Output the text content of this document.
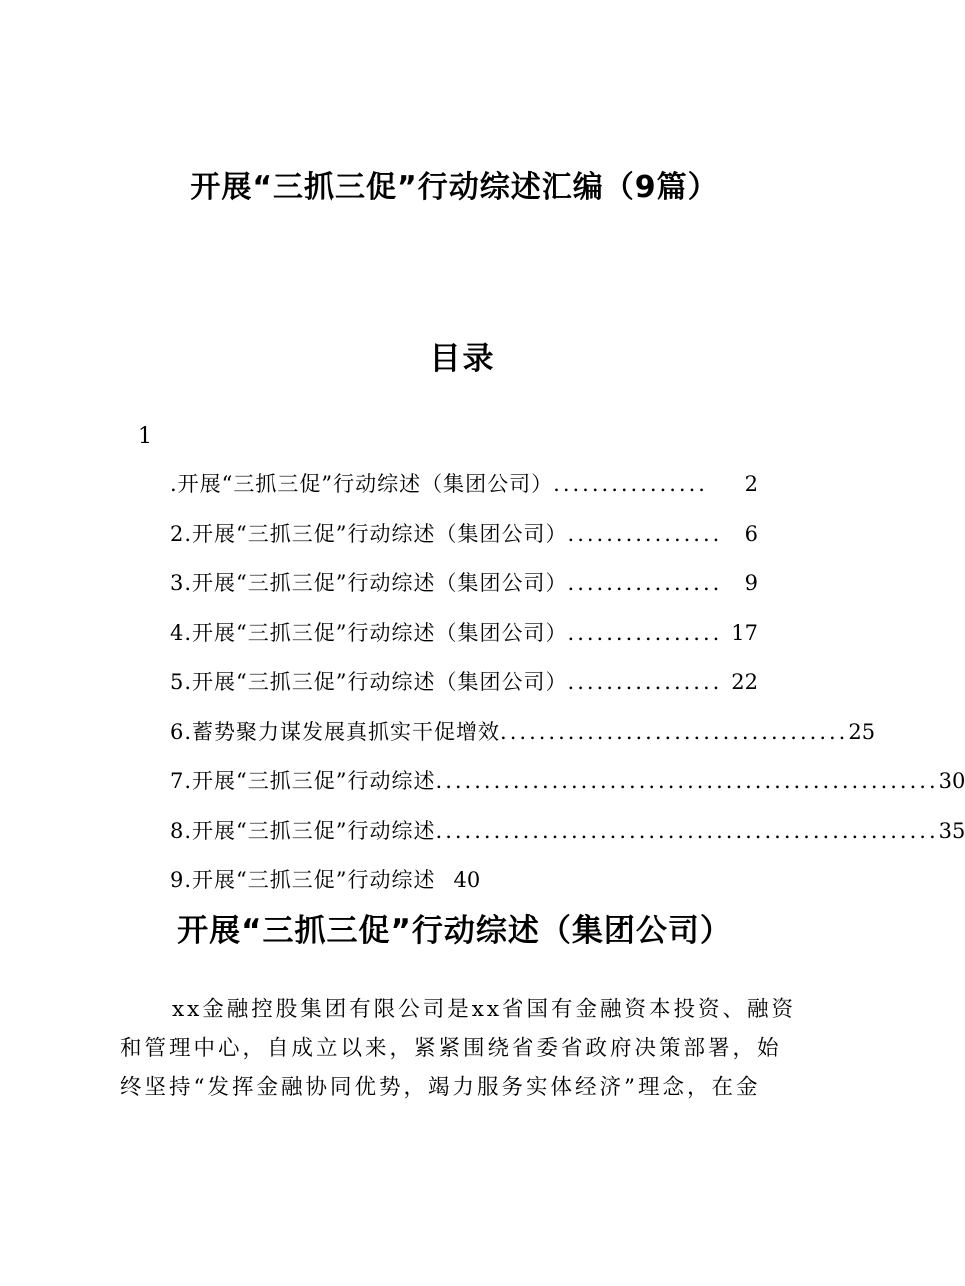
开展“三抓三促”行动综述汇编（9篇）
目录
1
.开展“三抓三促”行动综述（集团公司） ................	2
2.开展“三抓三促”行动综述（集团公司） ................	6
3.开展“三抓三促”行动综述（集团公司） ................	9
4.开展“三抓三促”行动综述（集团公司） ................ 17
5.开展“三抓三促”行动综述（集团公司） ................ 22
6.蓄势聚力谋发展真抓实干促增效 .................................... 25
7.开展“三抓三促”行动综述 .................................................... 30
8.开展“三抓三促”行动综述 .................................................... 35
9.开展“三抓三促”行动综述 40
开展“三抓三促”行动综述（集团公司）
xx金融控股集团有限公司是xx省国有金融资本投资、融资
和管理中心，自成立以来，紧紧围绕省委省政府决策部署，始
终坚持“发挥金融协同优势，竭力服务实体经济”理念，在金
